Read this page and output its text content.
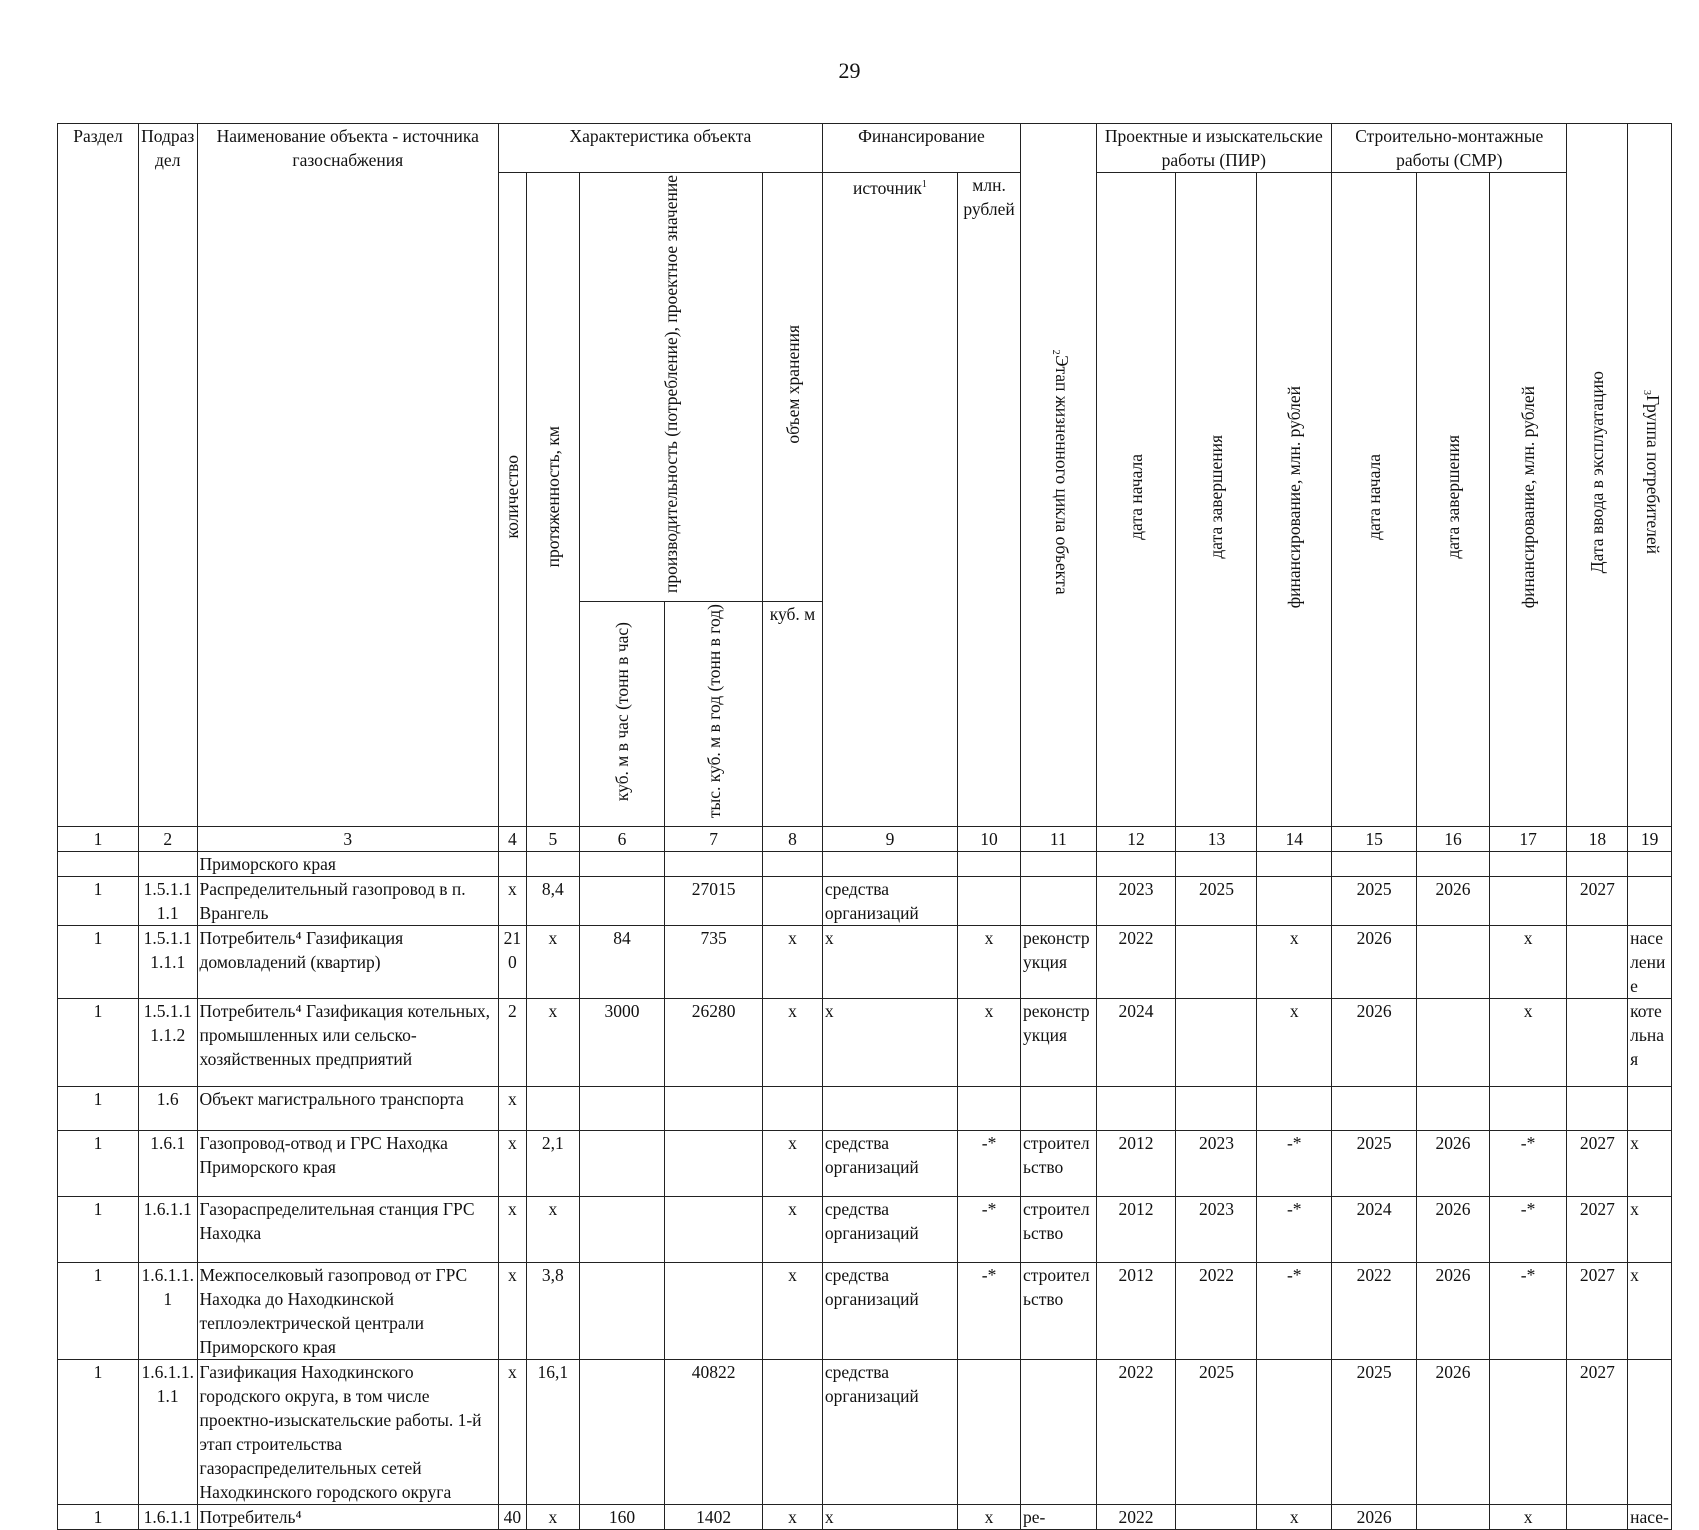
29
Раздел	Подраздел	Наименование объекта - источника газоснабжения	Характеристика объекта					Финансирование		Этап жизненного цикла объекта2	Проектные и изыскательские работы (ПИР)			Строительно-монтажные работы (СМР)			Дата ввода в эксплуатацию	Группа потребителей3
			количество	протяженность, км	производительность (потребление), проектное значение		объем хранения	источник$^1$	млн. рублей		дата начала	дата завершения	финансирование, млн. рублей	дата начала	дата завершения	финансирование, млн. рублей		
					куб. м в час (тонн в час)	тыс. куб. м в год (тонн в год)	куб. м											
1	2	3	4	5	6	7	8	9	10	11	12	13	14	15	16	17	18	19
		Приморского края																
1	1.5.1.1 1.1	Распределительный газопровод в п. Врангель	x	8,4		27015		средства организаций			2023	2025		2025	2026		2027	
1	1.5.1.1 1.1.1	Потребитель⁴ Газификация домовладений (квартир)	210	x	84	735	x	x	x	реконструкция	2022		x	2026		x		население
1	1.5.1.1 1.1.2	Потребитель⁴ Газификация котельных, промышленных или сельско-хозяйственных предприятий	2	x	3000	26280	x	x	x	реконструкция	2024		x	2026		x		котельная
1	1.6	Объект магистрального транспорта	x															
1	1.6.1	Газопровод-отвод и ГРС Находка Приморского края	x	2,1			x	средства организаций	-*	строительство	2012	2023	-*	2025	2026	-*	2027	x
1	1.6.1.1	Газораспределительная станция ГРС Находка	x	x			x	средства организаций	-*	строительство	2012	2023	-*	2024	2026	-*	2027	x
1	1.6.1.1. 1	Межпоселковый газопровод от ГРС Находка до Находкинской теплоэлектрической централи Приморского края	x	3,8			x	средства организаций	-*	строительство	2012	2022	-*	2022	2026	-*	2027	x
1	1.6.1.1. 1.1	Газификация Находкинского городского округа, в том числе проектно-изыскательские работы. 1-й этап строительства газораспределительных сетей Находкинского городского округа	x	16,1		40822		средства организаций			2022	2025		2025	2026		2027	
1	1.6.1.1	Потребитель⁴	40	x	160	1402	x	x	x	ре-	2022		x	2026		x		насе-
